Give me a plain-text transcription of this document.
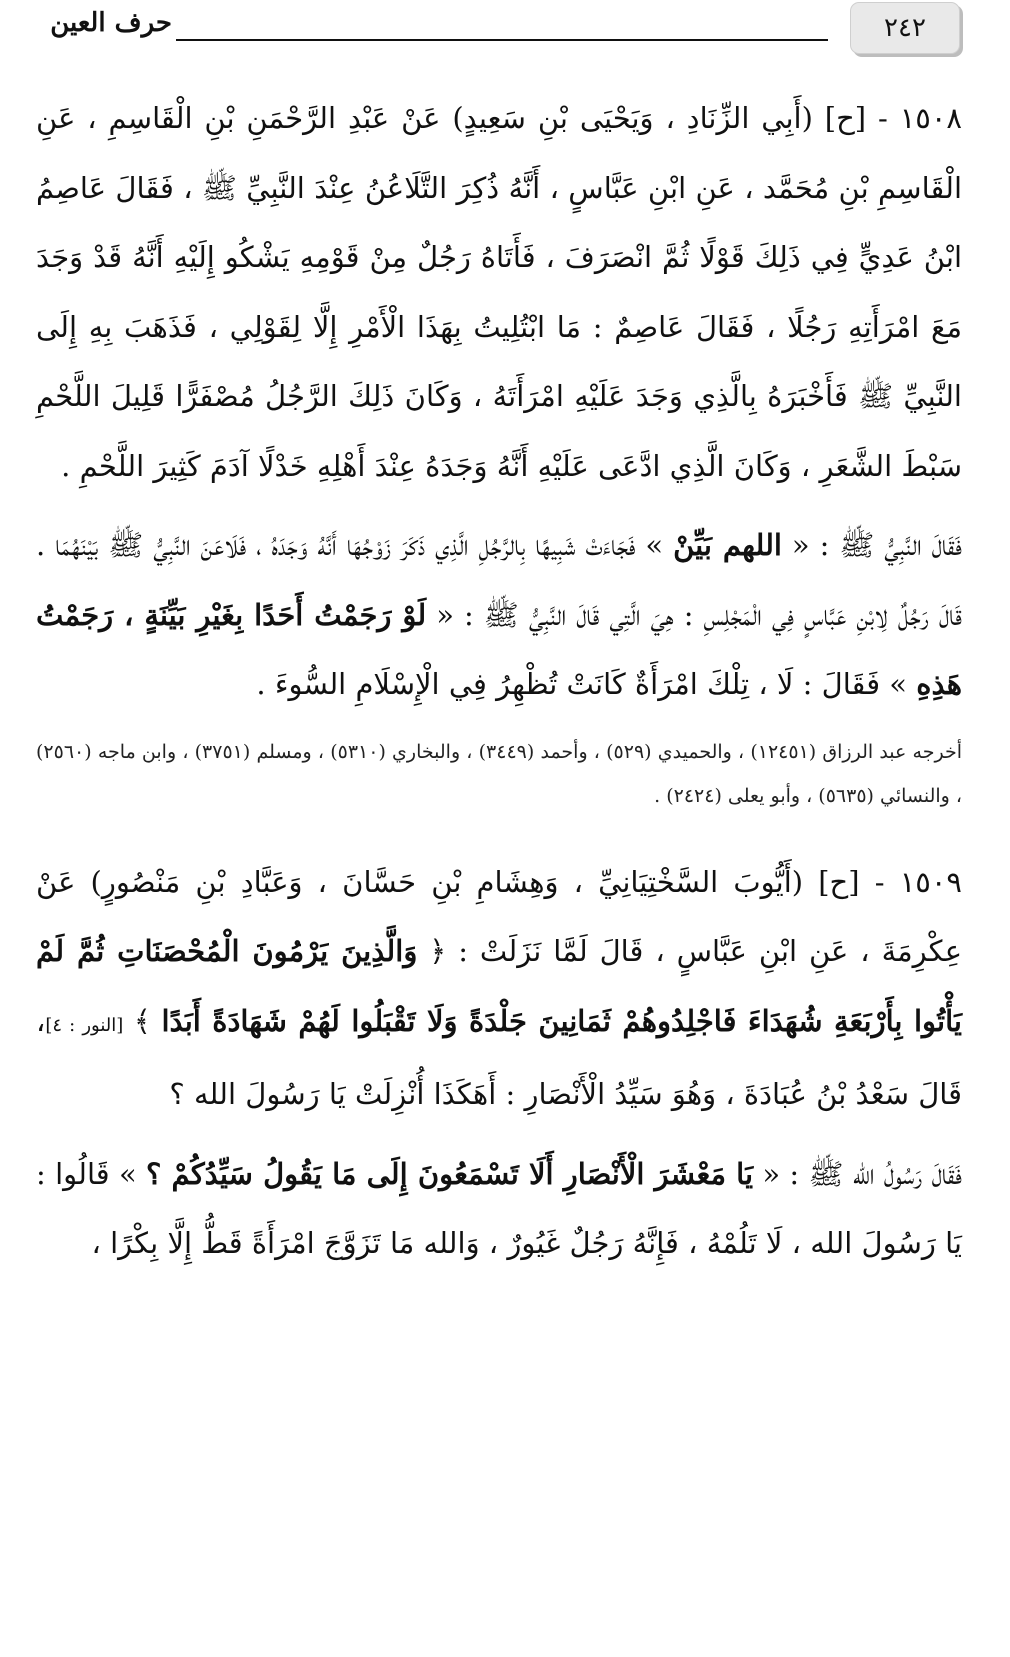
٢٤٢
حرف العين

١٥٠٨ - [ح] (أَبِي الزِّنَادِ ، وَيَحْيَى بْنِ سَعِيدٍ) عَنْ عَبْدِ الرَّحْمَنِ بْنِ الْقَاسِمِ ، عَنِ الْقَاسِمِ بْنِ مُحَمَّد ، عَنِ ابْنِ عَبَّاسٍ ، أَنَّهُ ذُكِرَ التَّلَاعُنُ عِنْدَ النَّبِيِّ ﷺ ، فَقَالَ عَاصِمُ ابْنُ عَدِيٍّ فِي ذَلِكَ قَوْلًا ثُمَّ انْصَرَفَ ، فَأَتَاهُ رَجُلٌ مِنْ قَوْمِهِ يَشْكُو إِلَيْهِ أَنَّهُ قَدْ وَجَدَ مَعَ امْرَأَتِهِ رَجُلًا ، فَقَالَ عَاصِمٌ : مَا ابْتُلِيتُ بِهَذَا الْأَمْرِ إِلَّا لِقَوْلِي ، فَذَهَبَ بِهِ إِلَى النَّبِيِّ ﷺ فَأَخْبَرَهُ بِالَّذِي وَجَدَ عَلَيْهِ امْرَأَتَهُ ، وَكَانَ ذَلِكَ الرَّجُلُ مُصْفَرًّا قَلِيلَ اللَّحْمِ سَبْطَ الشَّعَرِ ، وَكَانَ الَّذِي ادَّعَى عَلَيْهِ أَنَّهُ وَجَدَهُ عِنْدَ أَهْلِهِ خَدْلًا آدَمَ كَثِيرَ اللَّحْمِ .

فَقَالَ النَّبِيُّ ﷺ : « اللهم بَيِّنْ » فَجَاءَتْ شَبِيهًا بِالرَّجُلِ الَّذِي ذَكَرَ زَوْجُهَا أَنَّهُ وَجَدَهُ ، فَلَاعَنَ النَّبِيُّ ﷺ بَيْنَهُمَا . قَالَ رَجُلٌ لِابْنِ عَبَّاسٍ فِي الْمَجْلِسِ : هِيَ الَّتِي قَالَ النَّبِيُّ ﷺ : « لَوْ رَجَمْتُ أَحَدًا بِغَيْرِ بَيِّنَةٍ ، رَجَمْتُ هَذِهِ » فَقَالَ : لَا ، تِلْكَ امْرَأَةٌ كَانَتْ تُظْهِرُ فِي الْإِسْلَامِ السُّوءَ .

أخرجه عبد الرزاق (١٢٤٥١) ، والحميدي (٥٢٩) ، وأحمد (٣٤٤٩) ، والبخاري (٥٣١٠) ، ومسلم (٣٧٥١) ، وابن ماجه (٢٥٦٠) ، والنسائي (٥٦٣٥) ، وأبو يعلى (٢٤٢٤) .

١٥٠٩ - [ح] (أَيُّوبَ السَّخْتِيَانِيِّ ، وَهِشَامِ بْنِ حَسَّانَ ، وَعَبَّادِ بْنِ مَنْصُورٍ) عَنْ عِكْرِمَةَ ، عَنِ ابْنِ عَبَّاسٍ ، قَالَ لَمَّا نَزَلَتْ : ﴿ وَالَّذِينَ يَرْمُونَ الْمُحْصَنَاتِ ثُمَّ لَمْ يَأْتُوا بِأَرْبَعَةِ شُهَدَاءَ فَاجْلِدُوهُمْ ثَمَانِينَ جَلْدَةً وَلَا تَقْبَلُوا لَهُمْ شَهَادَةً أَبَدًا ﴾ [النور : ٤]، قَالَ سَعْدُ بْنُ عُبَادَةَ ، وَهُوَ سَيِّدُ الْأَنْصَارِ : أَهَكَذَا أُنْزِلَتْ يَا رَسُولَ الله ؟

فَقَالَ رَسُولُ الله ﷺ : « يَا مَعْشَرَ الْأَنْصَارِ أَلَا تَسْمَعُونَ إِلَى مَا يَقُولُ سَيِّدُكُمْ ؟ » قَالُوا : يَا رَسُولَ الله ، لَا تَلُمْهُ ، فَإِنَّهُ رَجُلٌ غَيُورٌ ، وَالله مَا تَزَوَّجَ امْرَأَةً قَطُّ إِلَّا بِكْرًا ،
